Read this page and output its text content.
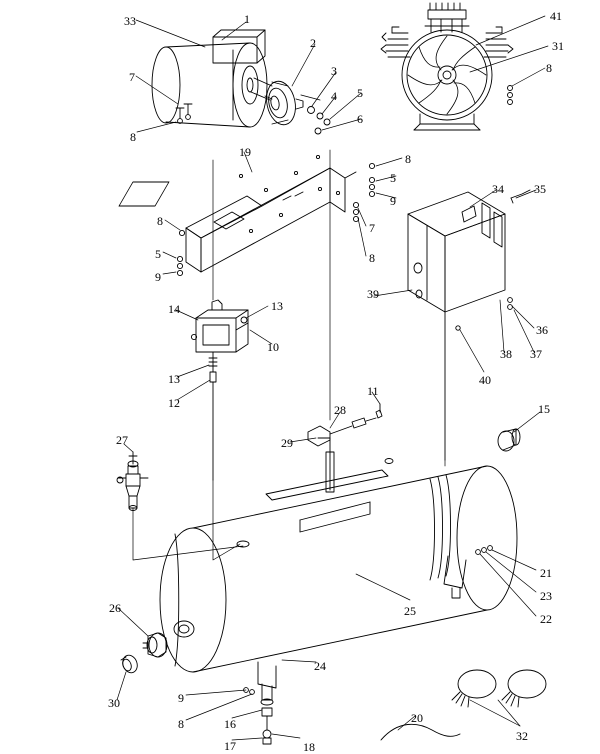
33	1	41
2	31
3	8
7
4 5
6
8
19	8
5
9
34	35
8	7
5	8
9
39
36
14	13
38 37
10
13	40
12
11
28	15
29
27
21
23
25
22
26
24
30	9
20
32
8	16
17	18
